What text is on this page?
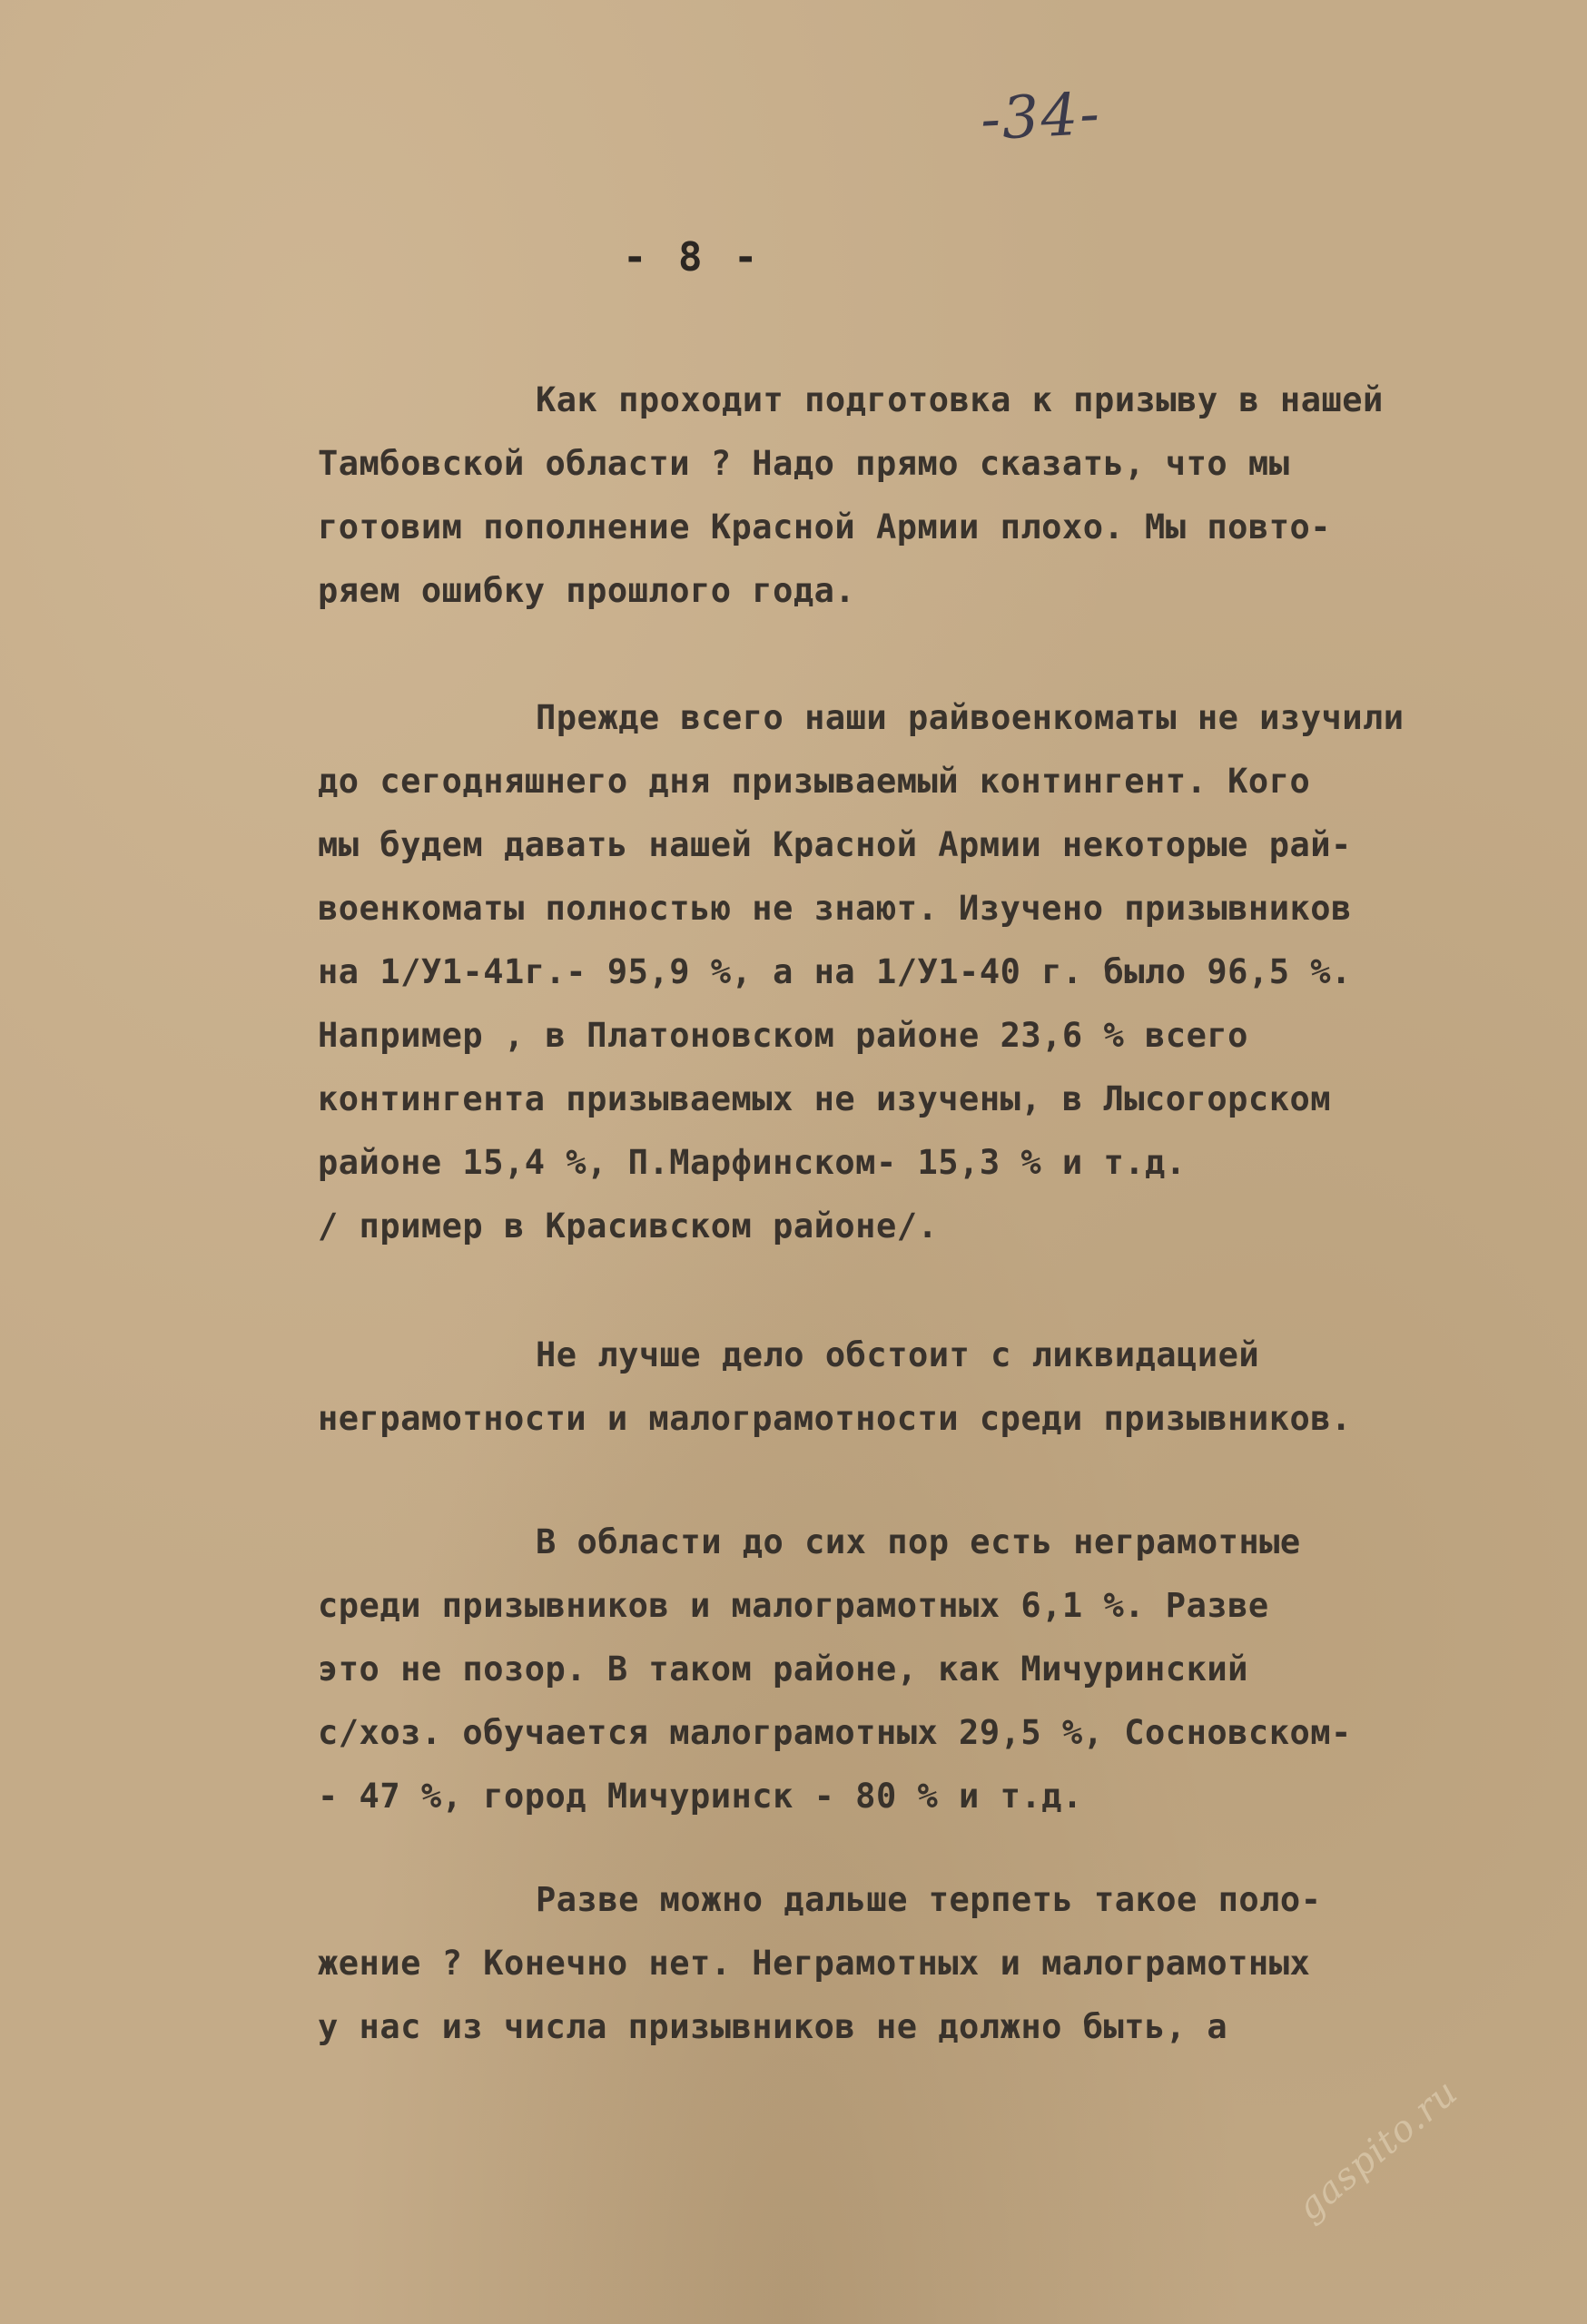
-34-
- 8 -
Как проходит подготовка к призыву в нашей
Тамбовской области ? Надо прямо сказать, что мы
готовим пополнение Красной Армии плохо. Мы повто-
ряем ошибку прошлого года.
Прежде всего наши райвоенкоматы не изучили
до сегодняшнего дня призываемый контингент. Кого
мы будем давать нашей Красной Армии некоторые рай-
военкоматы полностью не знают. Изучено призывников
на 1/У1-41г.- 95,9 %, а на 1/У1-40 г. было 96,5 %.
Например , в Платоновском районе 23,6 % всего
контингента призываемых не изучены, в Лысогорском
районе 15,4 %, П.Марфинском- 15,3 % и т.д.
/ пример в Красивском районе/.
Не лучше дело обстоит с ликвидацией
неграмотности и малограмотности среди призывников.
В области до сих пор есть неграмотные
среди призывников и малограмотных 6,1 %. Разве
это не позор. В таком районе, как Мичуринский
с/хоз. обучается малограмотных 29,5 %, Сосновском-
- 47 %, город Мичуринск - 80 % и т.д.
Разве можно дальше терпеть такое поло-
жение ? Конечно нет. Неграмотных и малограмотных
у нас из числа призывников не должно быть, а
gaspito.ru
